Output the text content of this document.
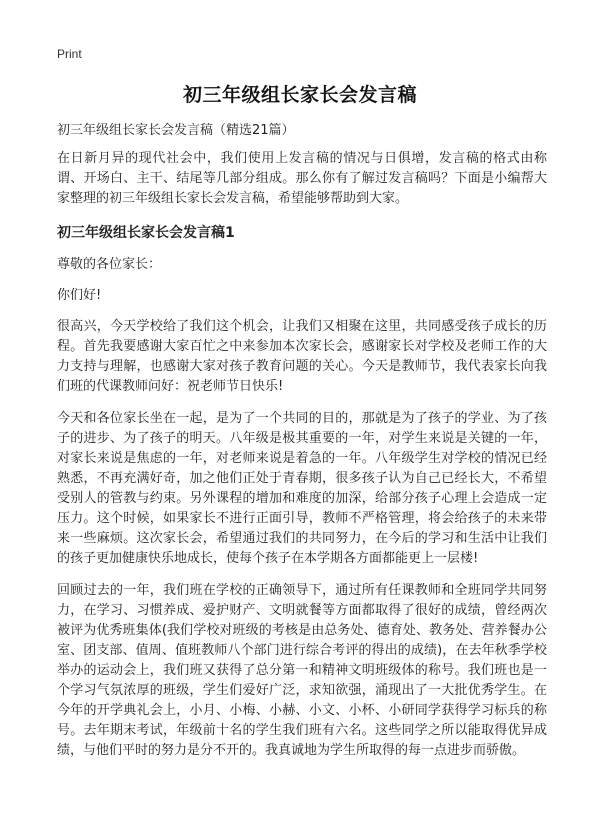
Print
初三年级组长家长会发言稿
初三年级组长家长会发言稿（精选21篇）

在日新月异的现代社会中，我们使用上发言稿的情况与日俱增，发言稿的格式由称谓、开场白、主干、结尾等几部分组成。那么你有了解过发言稿吗？下面是小编帮大家整理的初三年级组长家长会发言稿，希望能够帮助到大家。

初三年级组长家长会发言稿1

尊敬的各位家长：

你们好!

很高兴，今天学校给了我们这个机会，让我们又相聚在这里，共同感受孩子成长的历程。首先我要感谢大家百忙之中来参加本次家长会，感谢家长对学校及老师工作的大力支持与理解，也感谢大家对孩子教育问题的关心。今天是教师节，我代表家长向我们班的代课教师问好：祝老师节日快乐!

今天和各位家长坐在一起，是为了一个共同的目的，那就是为了孩子的学业、为了孩子的进步、为了孩子的明天。八年级是极其重要的一年，对学生来说是关键的一年，对家长来说是焦虑的一年，对老师来说是着急的一年。八年级学生对学校的情况已经熟悉，不再充满好奇，加之他们正处于青春期，很多孩子认为自己已经长大，不希望受别人的管教与约束。另外课程的增加和难度的加深，给部分孩子心理上会造成一定压力。这个时候，如果家长不进行正面引导，教师不严格管理，将会给孩子的未来带来一些麻烦。这次家长会，希望通过我们的共同努力，在今后的学习和生活中让我们的孩子更加健康快乐地成长，使每个孩子在本学期各方面都能更上一层楼!

回顾过去的一年，我们班在学校的正确领导下，通过所有任课教师和全班同学共同努力，在学习、习惯养成、爱护财产、文明就餐等方面都取得了很好的成绩，曾经两次被评为优秀班集体(我们学校对班级的考核是由总务处、德育处、教务处、营养餐办公室、团支部、值周、值班教师八个部门进行综合考评的得出的成绩)，在去年秋季学校举办的运动会上，我们班又获得了总分第一和精神文明班级体的称号。我们班也是一个学习气氛浓厚的班级，学生们爱好广泛，求知欲强，涌现出了一大批优秀学生。在今年的开学典礼会上，小月、小梅、小赫、小文、小杯、小研同学获得学习标兵的称号。去年期末考试，年级前十名的学生我们班有六名。这些同学之所以能取得优异成绩，与他们平时的努力是分不开的。我真诚地为学生所取得的每一点进步而骄傲。
